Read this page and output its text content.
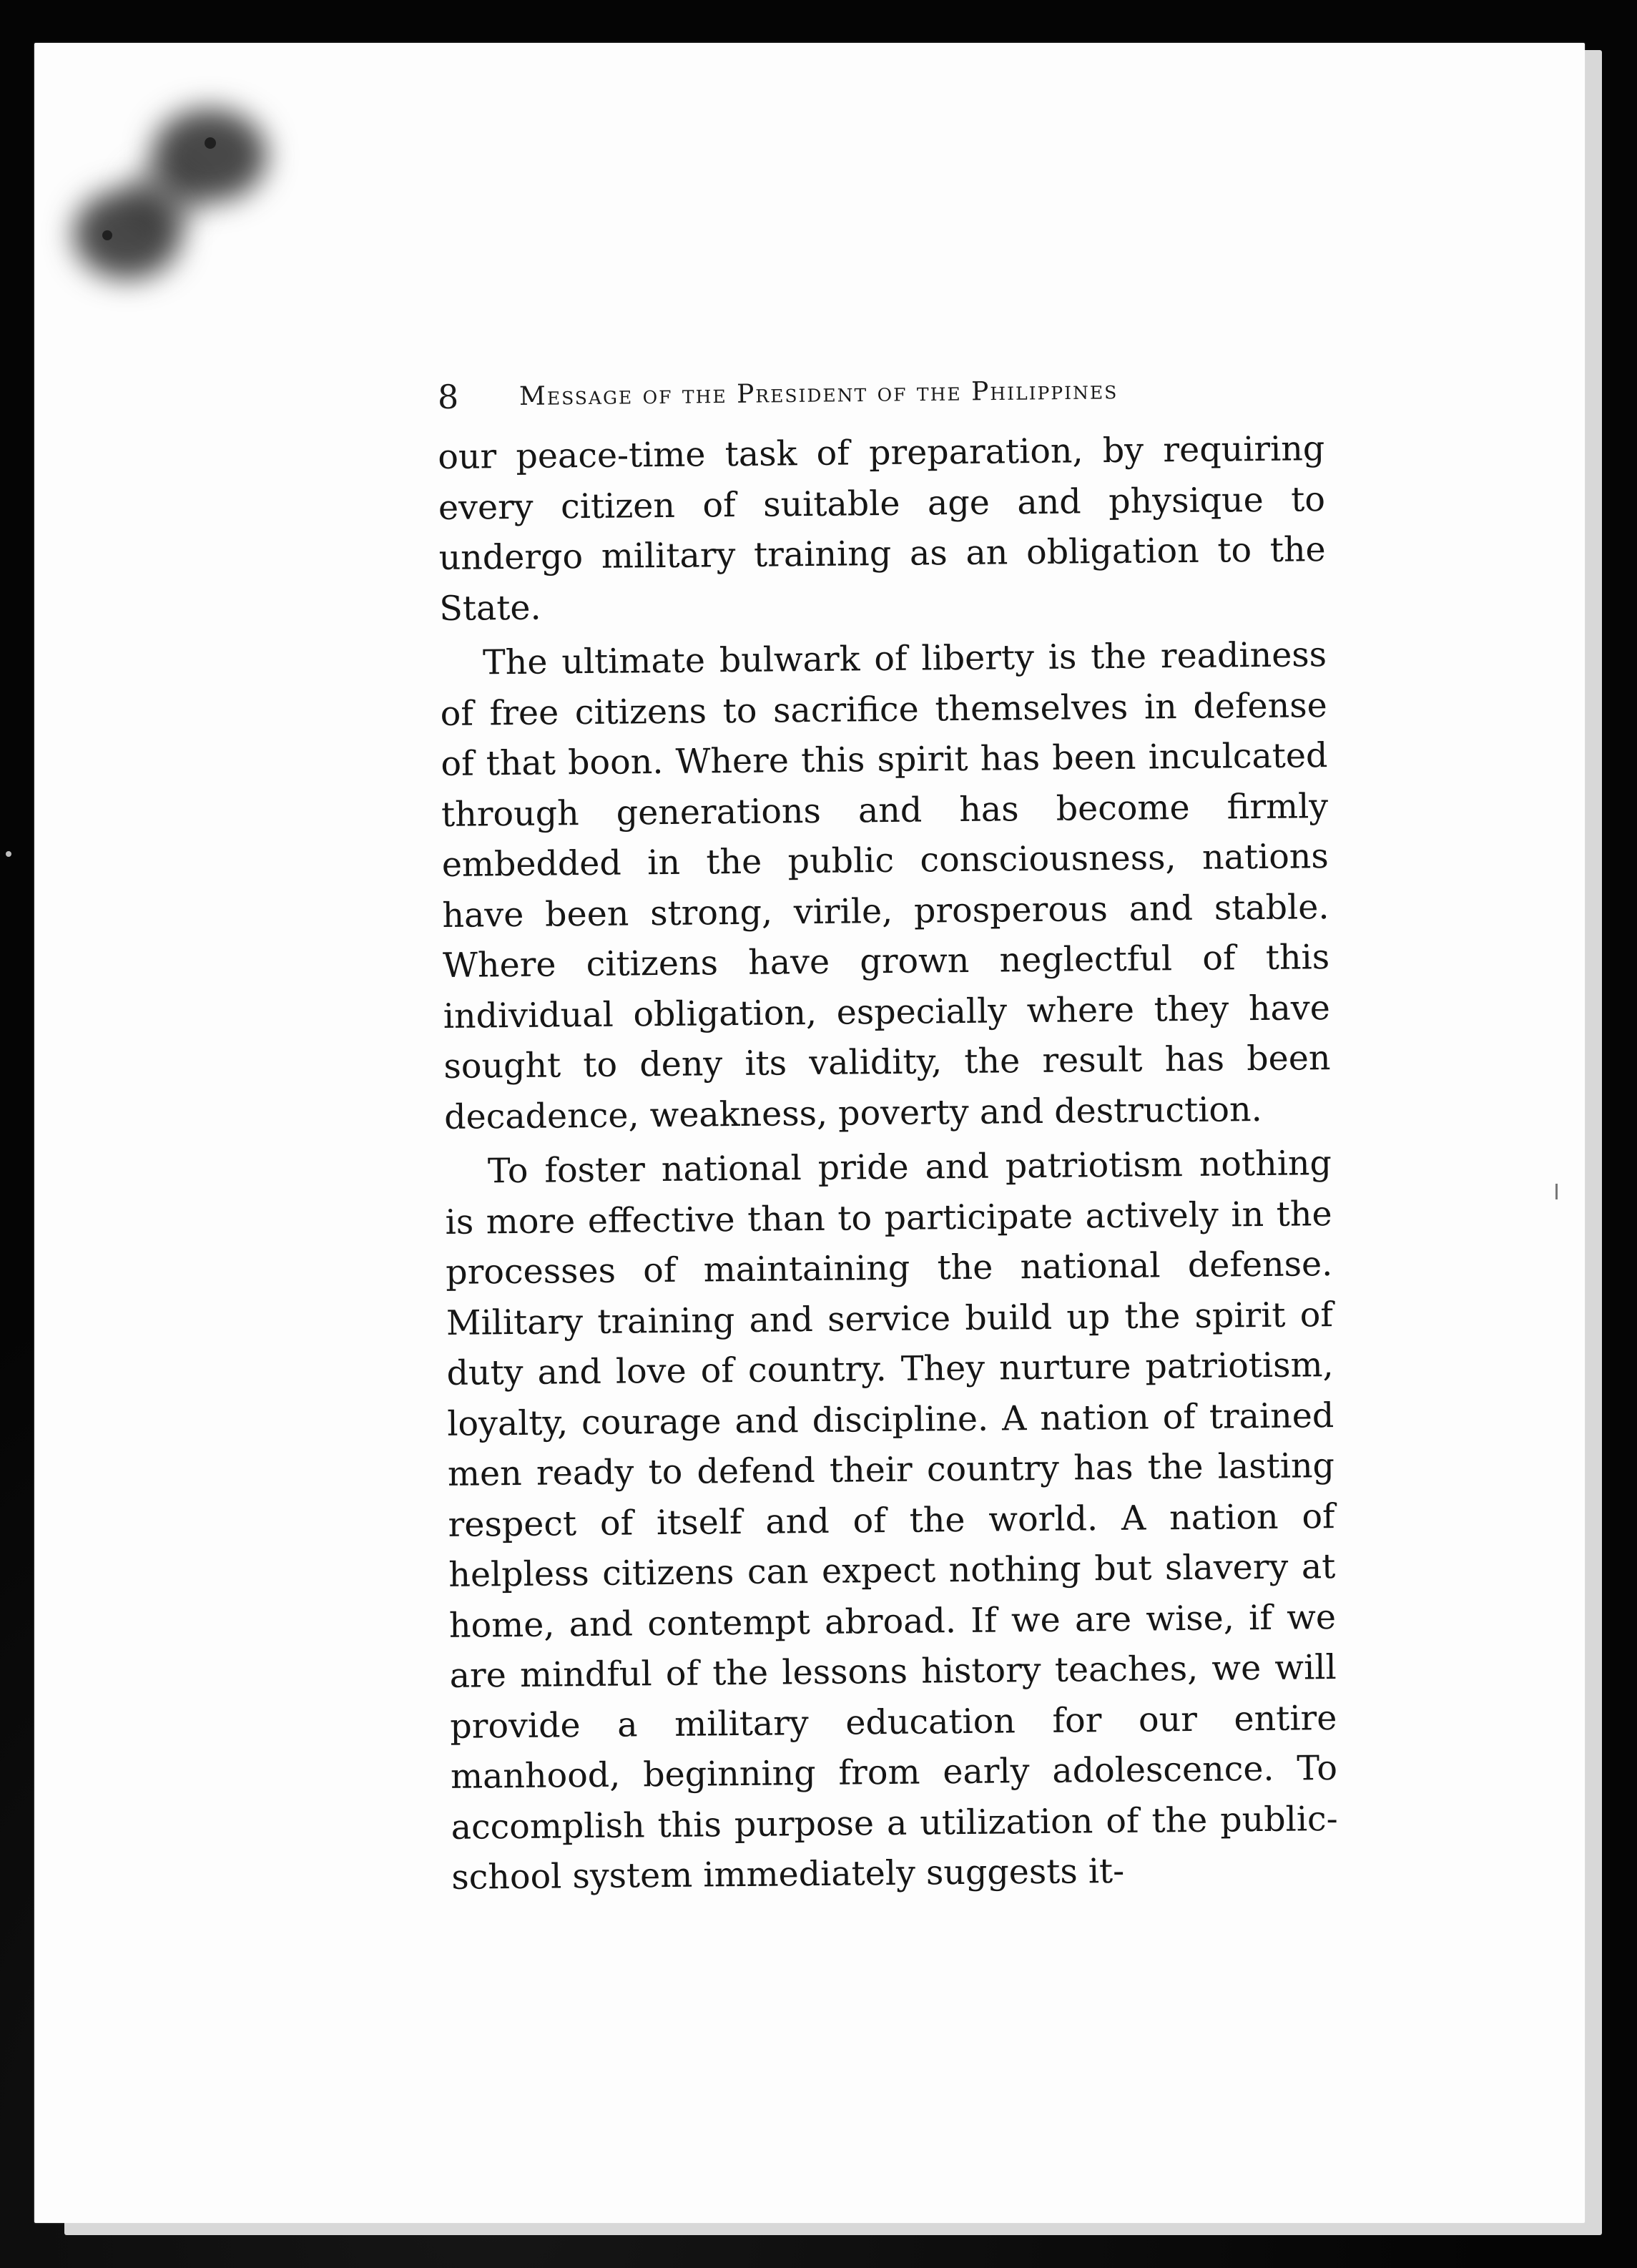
8 Message of the President of the Philippines

our peace-time task of preparation, by requiring every citizen of suitable age and physique to undergo military training as an obligation to the State.

The ultimate bulwark of liberty is the readiness of free citizens to sacrifice themselves in defense of that boon. Where this spirit has been inculcated through generations and has become firmly embedded in the public consciousness, nations have been strong, virile, prosperous and stable. Where citizens have grown neglectful of this individual obligation, especially where they have sought to deny its validity, the result has been decadence, weakness, poverty and destruction.

To foster national pride and patriotism nothing is more effective than to participate actively in the processes of maintaining the national defense. Military training and service build up the spirit of duty and love of country. They nurture patriotism, loyalty, courage and discipline. A nation of trained men ready to defend their country has the lasting respect of itself and of the world. A nation of helpless citizens can expect nothing but slavery at home, and contempt abroad. If we are wise, if we are mindful of the lessons history teaches, we will provide a military education for our entire manhood, beginning from early adolescence. To accomplish this purpose a utilization of the public-school system immediately suggests it-
